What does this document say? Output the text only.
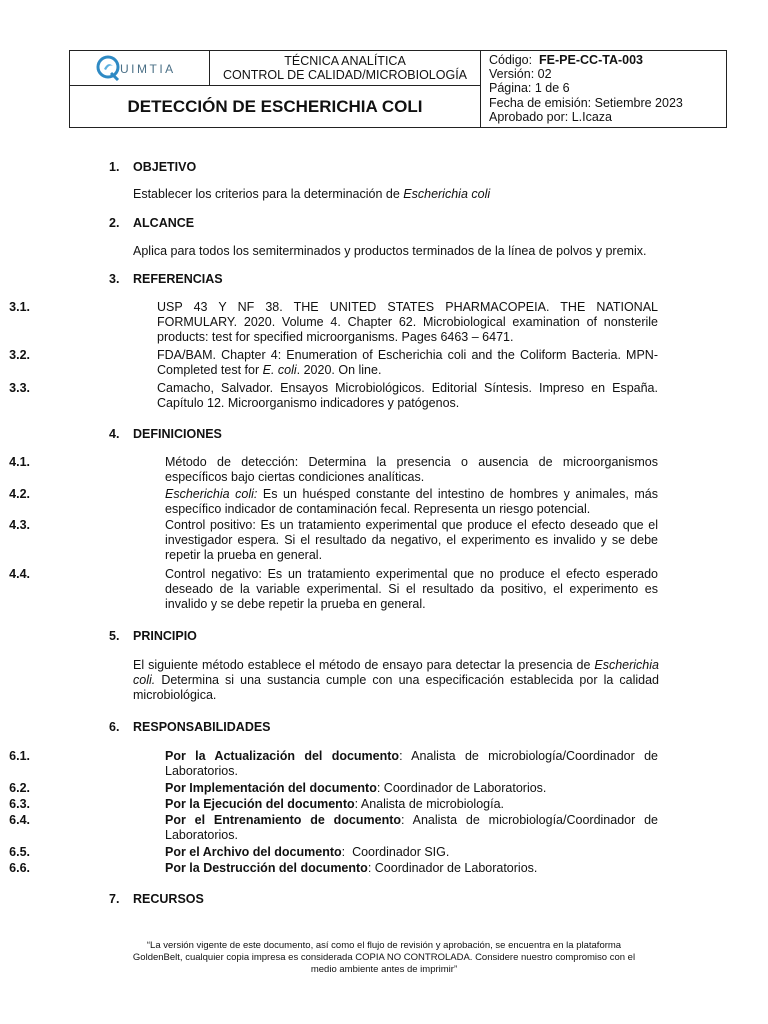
UIMTIA
TÉCNICA ANALÍTICA
CONTROL DE CALIDAD/MICROBIOLOGÍA
DETECCIÓN DE ESCHERICHIA COLI
Código: FE-PE-CC-TA-003
Versión: 02
Página: 1 de 6
Fecha de emisión: Setiembre 2023
Aprobado por: L.Icaza
1. OBJETIVO
Establecer los criterios para la determinación de Escherichia coli
2. ALCANCE
Aplica para todos los semiterminados y productos terminados de la línea de polvos y premix.
3. REFERENCIAS
3.1.	USP 43 Y NF 38. THE UNITED STATES PHARMACOPEIA. THE NATIONAL FORMULARY. 2020. Volume 4. Chapter 62. Microbiological examination of nonsterile products: test for specified microorganisms. Pages 6463 – 6471.
3.2.	FDA/BAM. Chapter 4: Enumeration of Escherichia coli and the Coliform Bacteria. MPN-Completed test for E. coli. 2020. On line.
3.3.	Camacho, Salvador. Ensayos Microbiológicos. Editorial Síntesis. Impreso en España. Capítulo 12. Microorganismo indicadores y patógenos.
4. DEFINICIONES
4.1.	Método de detección: Determina la presencia o ausencia de microorganismos específicos bajo ciertas condiciones analíticas.
4.2.	Escherichia coli: Es un huésped constante del intestino de hombres y animales, más específico indicador de contaminación fecal. Representa un riesgo potencial.
4.3.	Control positivo: Es un tratamiento experimental que produce el efecto deseado que el investigador espera. Si el resultado da negativo, el experimento es invalido y se debe repetir la prueba en general.
4.4.	Control negativo: Es un tratamiento experimental que no produce el efecto esperado deseado de la variable experimental. Si el resultado da positivo, el experimento es invalido y se debe repetir la prueba en general.
5. PRINCIPIO
El siguiente método establece el método de ensayo para detectar la presencia de Escherichia coli. Determina si una sustancia cumple con una especificación establecida por la calidad microbiológica.
6. RESPONSABILIDADES
6.1.	Por la Actualización del documento: Analista de microbiología/Coordinador de Laboratorios.
6.2.	Por Implementación del documento: Coordinador de Laboratorios.
6.3.	Por la Ejecución del documento: Analista de microbiología.
6.4.	Por el Entrenamiento de documento: Analista de microbiología/Coordinador de Laboratorios.
6.5.	Por el Archivo del documento:  Coordinador SIG.
6.6.	Por la Destrucción del documento: Coordinador de Laboratorios.
7. RECURSOS
“La versión vigente de este documento, así como el flujo de revisión y aprobación, se encuentra en la plataforma
GoldenBelt, cualquier copia impresa es considerada COPIA NO CONTROLADA. Considere nuestro compromiso con el
medio ambiente antes de imprimir”
